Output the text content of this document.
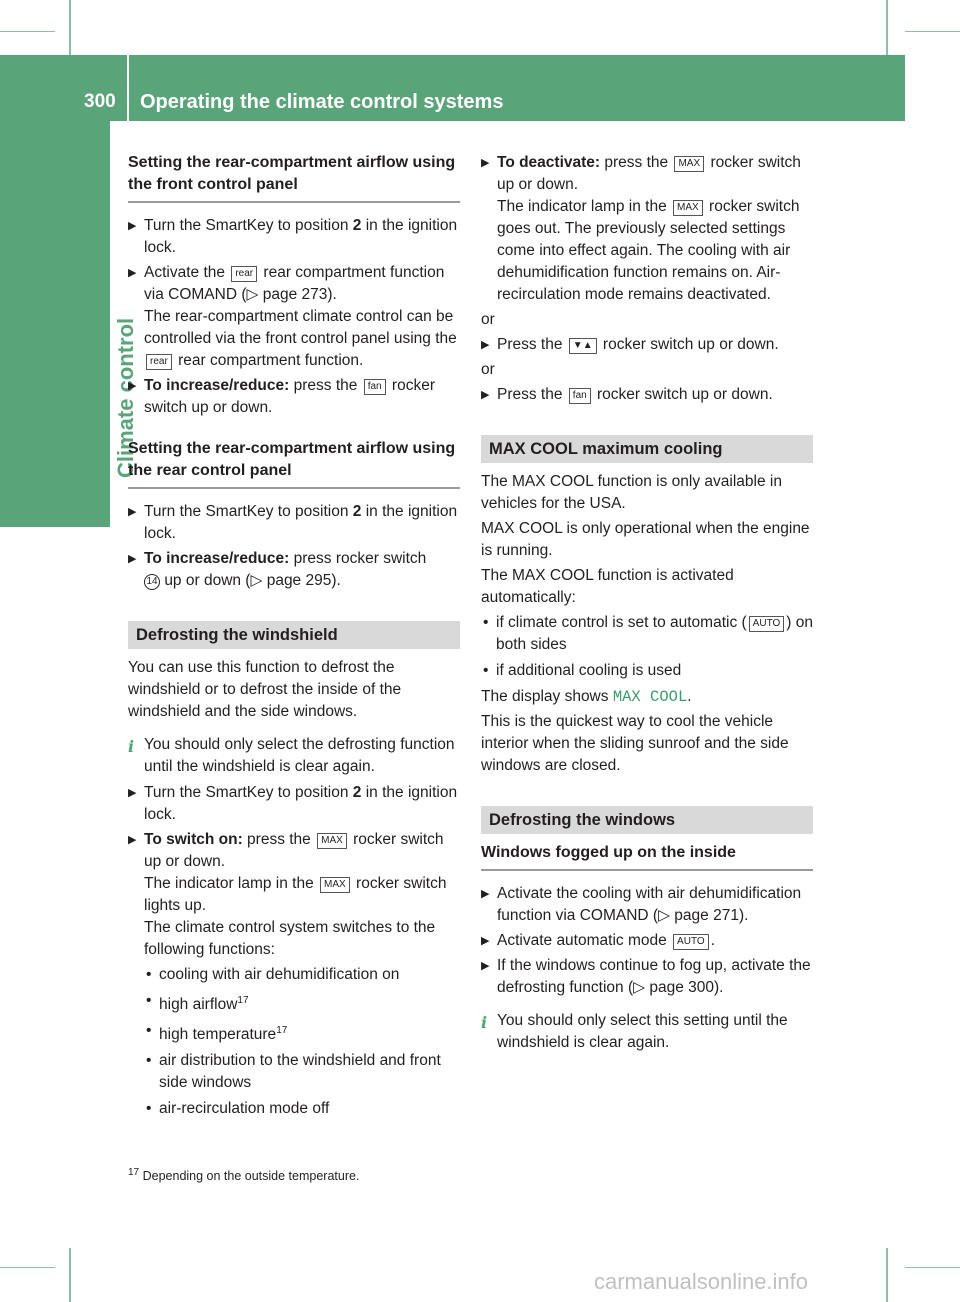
300 Operating the climate control systems
Climate control
Setting the rear-compartment airflow using the front control panel
▶ Turn the SmartKey to position 2 in the ignition lock.
▶ Activate the rear rear compartment function via COMAND (▷ page 273).
The rear-compartment climate control can be controlled via the front control panel using the rear rear compartment function.
▶ To increase/reduce: press the fan rocker switch up or down.
Setting the rear-compartment airflow using the rear control panel
▶ Turn the SmartKey to position 2 in the ignition lock.
▶ To increase/reduce: press rocker switch
14 up or down (▷ page 295).
Defrosting the windshield
You can use this function to defrost the windshield or to defrost the inside of the windshield and the side windows.
i You should only select the defrosting function until the windshield is clear again.
▶ Turn the SmartKey to position 2 in the ignition lock.
▶ To switch on: press the MAX rocker switch up or down.
The indicator lamp in the MAX rocker switch lights up.
The climate control system switches to the following functions:
• cooling with air dehumidification on
• high airflow$^{17}$
• high temperature$^{17}$
• air distribution to the windshield and front side windows
• air-recirculation mode off
▶ To deactivate: press the MAX rocker switch up or down.
The indicator lamp in the MAX rocker switch goes out. The previously selected settings come into effect again. The cooling with air dehumidification function remains on. Air-recirculation mode remains deactivated.
or
▶ Press the ▼▲ rocker switch up or down.
or
▶ Press the fan rocker switch up or down.
MAX COOL maximum cooling
The MAX COOL function is only available in vehicles for the USA.
MAX COOL is only operational when the engine is running.
The MAX COOL function is activated automatically:
• if climate control is set to automatic ( AUTO ) on both sides
• if additional cooling is used
The display shows MAX COOL.
This is the quickest way to cool the vehicle interior when the sliding sunroof and the side windows are closed.
Defrosting the windows
Windows fogged up on the inside
▶ Activate the cooling with air dehumidification function via COMAND (▷ page 271).
▶ Activate automatic mode AUTO .
▶ If the windows continue to fog up, activate the defrosting function (▷ page 300).
i You should only select this setting until the windshield is clear again.
$^{17}$ Depending on the outside temperature.
carmanualsonline.info
